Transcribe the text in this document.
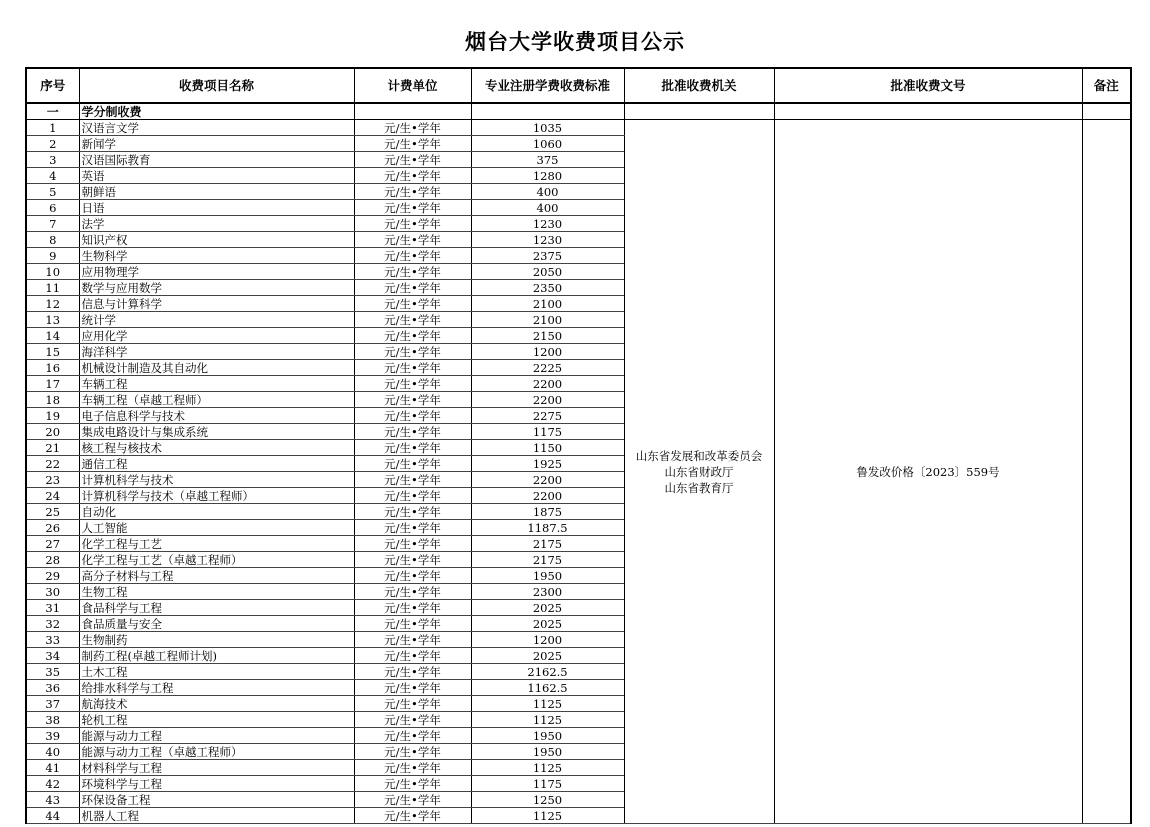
烟台大学收费项目公示
序号	收费项目名称	计费单位	专业注册学费收费标准	批准收费机关	批准收费文号	备注
一	学分制收费					
1	汉语言文学	元/生•学年	1035	山东省发展和改革委员会
山东省财政厅
山东省教育厅	鲁发改价格〔2023〕559号	
2	新闻学	元/生•学年	1060			
3	汉语国际教育	元/生•学年	375			
4	英语	元/生•学年	1280			
5	朝鲜语	元/生•学年	400			
6	日语	元/生•学年	400			
7	法学	元/生•学年	1230			
8	知识产权	元/生•学年	1230			
9	生物科学	元/生•学年	2375			
10	应用物理学	元/生•学年	2050			
11	数学与应用数学	元/生•学年	2350			
12	信息与计算科学	元/生•学年	2100			
13	统计学	元/生•学年	2100			
14	应用化学	元/生•学年	2150			
15	海洋科学	元/生•学年	1200			
16	机械设计制造及其自动化	元/生•学年	2225			
17	车辆工程	元/生•学年	2200			
18	车辆工程（卓越工程师）	元/生•学年	2200			
19	电子信息科学与技术	元/生•学年	2275			
20	集成电路设计与集成系统	元/生•学年	1175			
21	核工程与核技术	元/生•学年	1150			
22	通信工程	元/生•学年	1925			
23	计算机科学与技术	元/生•学年	2200			
24	计算机科学与技术（卓越工程师）	元/生•学年	2200			
25	自动化	元/生•学年	1875			
26	人工智能	元/生•学年	1187.5			
27	化学工程与工艺	元/生•学年	2175			
28	化学工程与工艺（卓越工程师）	元/生•学年	2175			
29	高分子材料与工程	元/生•学年	1950			
30	生物工程	元/生•学年	2300			
31	食品科学与工程	元/生•学年	2025			
32	食品质量与安全	元/生•学年	2025			
33	生物制药	元/生•学年	1200			
34	制药工程(卓越工程师计划)	元/生•学年	2025			
35	土木工程	元/生•学年	2162.5			
36	给排水科学与工程	元/生•学年	1162.5			
37	航海技术	元/生•学年	1125			
38	轮机工程	元/生•学年	1125			
39	能源与动力工程	元/生•学年	1950			
40	能源与动力工程（卓越工程师）	元/生•学年	1950			
41	材料科学与工程	元/生•学年	1125			
42	环境科学与工程	元/生•学年	1175			
43	环保设备工程	元/生•学年	1250			
44	机器人工程	元/生•学年	1125			
